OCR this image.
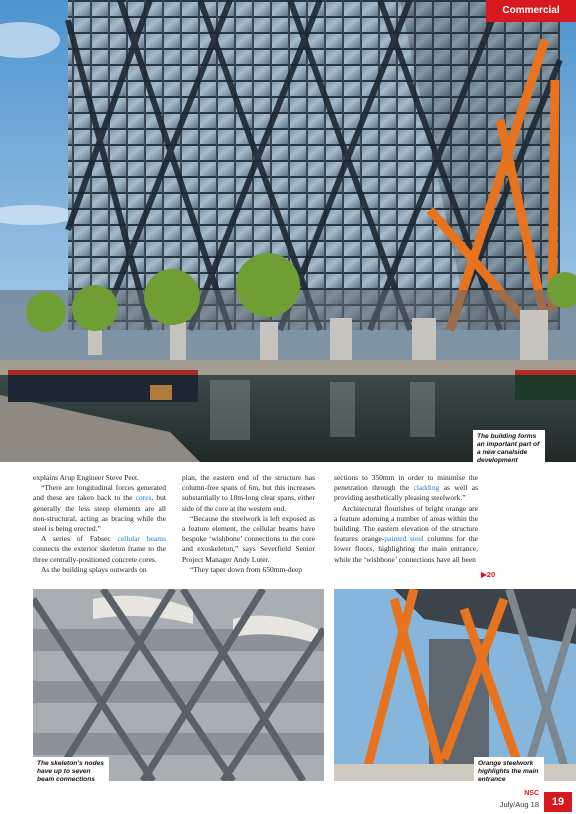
Commercial
The building forms an important part of a new canalside development

explains Arup Engineer Steve Peet.

“There are longitudinal forces generated and these are taken back to the cores, but generally the less steep elements are all non-structural, acting as bracing while the steel is being erected.”

A series of Fabsec cellular beams connects the exterior skeleton frame to the three centrally-positioned concrete cores.

As the building splays outwards on

plan, the eastern end of the structure has column-free spans of 6m, but this increases substantially to 18m-long clear spans, either side of the core at the western end.

“Because the steelwork is left exposed as a feature element, the cellular beams have bespoke ‘wishbone’ connections to the core and exoskeleton,” says Severfield Senior Project Manager Andy Luter.

“They taper down from 650mm-deep

sections to 350mm in order to minimise the penetration through the cladding as well as providing aesthetically pleasing steelwork.”

Architectural flourishes of bright orange are a feature adorning a number of areas within the building. The eastern elevation of the structure features orange-painted steel columns for the lower floors, highlighting the main entrance, while the ‘wishbone’ connections have all been

▶20
The skeleton’s nodes have up to seven beam connections
Orange steelwork highlights the main entrance
NSC
July/Aug 18	19
